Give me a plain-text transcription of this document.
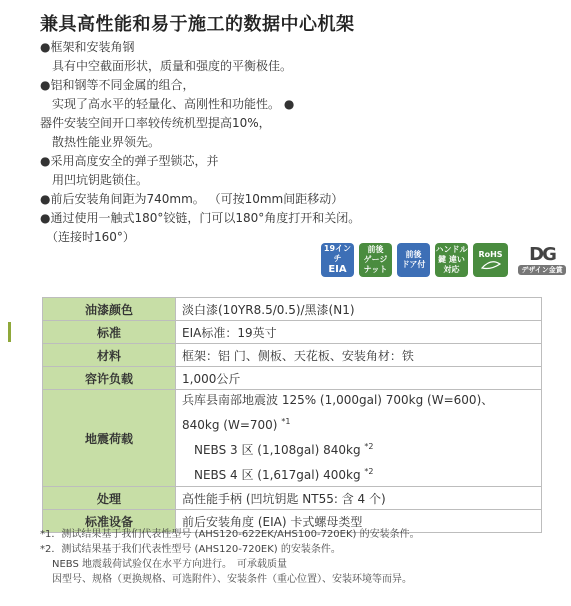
兼具高性能和易于施工的数据中心机架
●框架和安装角钢
　具有中空截面形状，质量和强度的平衡极佳。
●铝和钢等不同金属的组合，
　实现了高水平的轻量化、高刚性和功能性。 ●
器件安装空间开口率较传统机型提高10%，
　散热性能业界领先。
●采用高度安全的弹子型锁芯，并
　用凹坑钥匙锁住。
●前后安装角间距为740mm。 （可按10mm间距移动）
●通过使用一触式180°铰链，门可以180°角度打开和关闭。
　（连接时160°）
19インチ
EIA
前後
ゲージ
ナット
前後
ドア付
ハンドル
鍵 違い
対応
RoHS DG
デザイン金賞
油漆颜色	淡白漆(10YR8.5/0.5)/黑漆(N1)
标准	EIA标准：19英寸
材料	框架：铝 门、侧板、天花板、安装角材：铁
容许负载	1,000公斤
地震荷载	兵库县南部地震波 125% (1,000gal) 700kg (W=600)、
840kg (W=700) $^{*1}$
NEBS 3 区 (1,108gal) 840kg $^{*2}$
NEBS 4 区 (1,617gal) 400kg $^{*2}$

处理	高性能手柄 (凹坑钥匙 NT55: 含 4 个)
标准设备	前后安装角度 (EIA) 卡式螺母类型
*1．测试结果基于我们代表性型号 (AHS120-622EK/AHS100-720EK) 的安装条件。
*2．测试结果基于我们代表性型号 (AHS120-720EK) 的安装条件。
NEBS 地震载荷试验仅在水平方向进行。　可承载质量
因型号、规格（更换规格、可选附件）、安装条件（重心位置）、安装环境等而异。
